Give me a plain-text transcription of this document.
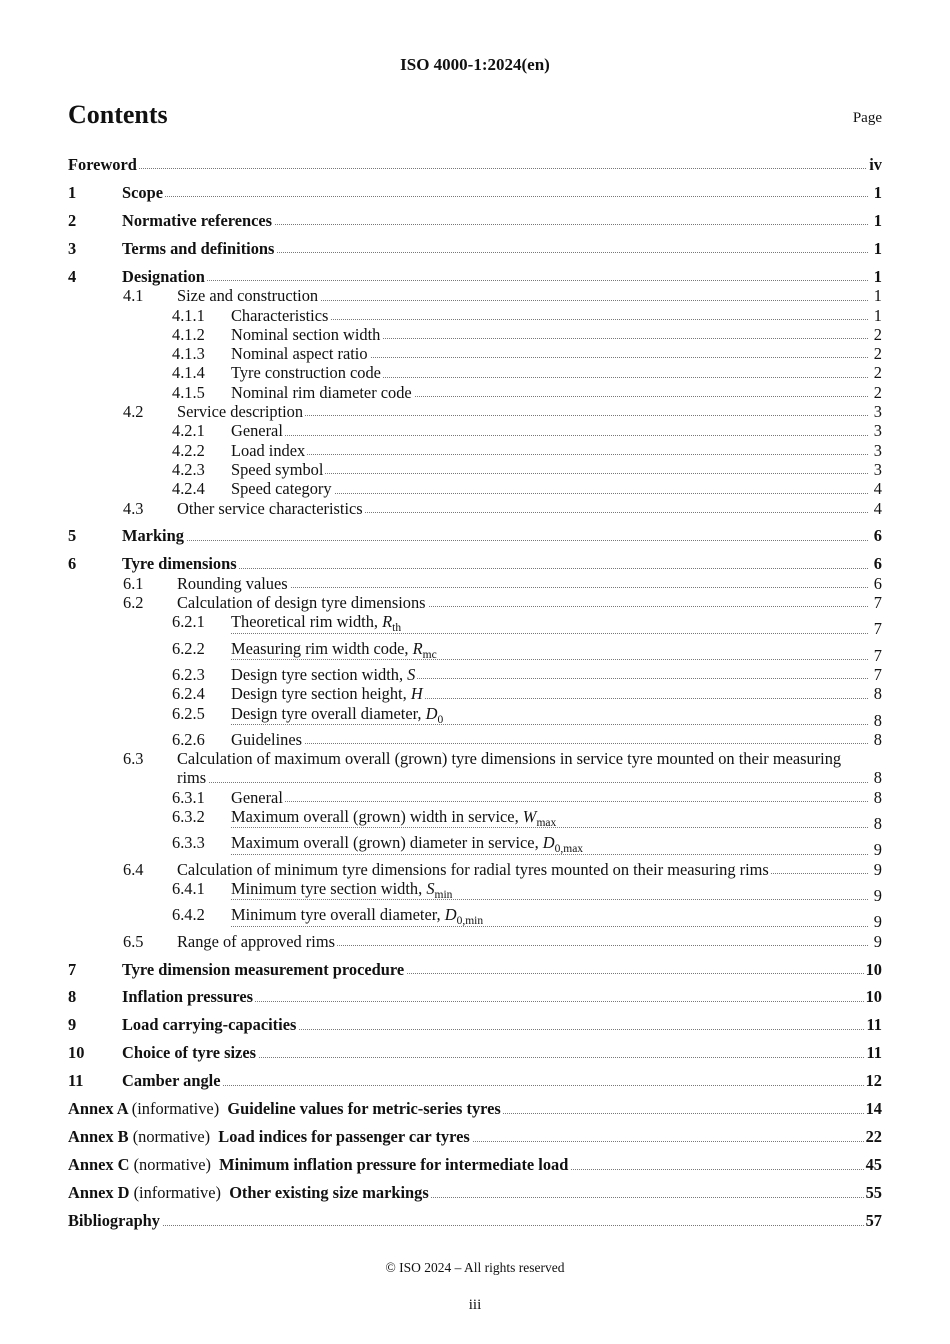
ISO 4000-1:2024(en)
Contents	Page
Foreword	iv
1	Scope	1
2	Normative references	1
3	Terms and definitions	1
4	Designation	1
4.1 Size and construction	1
4.1.1 Characteristics	1
4.1.2 Nominal section width	2
4.1.3 Nominal aspect ratio	2
4.1.4 Tyre construction code	2
4.1.5 Nominal rim diameter code	2
4.2 Service description	3
4.2.1 General	3
4.2.2 Load index	3
4.2.3 Speed symbol	3
4.2.4 Speed category	4
4.3 Other service characteristics	4
5	Marking	6
6	Tyre dimensions	6
6.1 Rounding values	6
6.2 Calculation of design tyre dimensions	7
6.2.1 Theoretical rim width, $R_{th}$	7
6.2.2 Measuring rim width code, $R_{mc}$	7
6.2.3 Design tyre section width, S	7
6.2.4 Design tyre section height, H	8
6.2.5 Design tyre overall diameter, $D_0$	8
6.2.6 Guidelines	8
6.3 Calculation of maximum overall (grown) tyre dimensions in service tyre mounted on their measuring rims	8
6.3.1 General	8
6.3.2 Maximum overall (grown) width in service, $W_{max}$	8
6.3.3 Maximum overall (grown) diameter in service, $D_{0,max}$	9
6.4 Calculation of minimum tyre dimensions for radial tyres mounted on their measuring rims	9
6.4.1 Minimum tyre section width, $S_{min}$	9
6.4.2 Minimum tyre overall diameter, $D_{0,min}$	9
6.5 Range of approved rims	9
7	Tyre dimension measurement procedure	10
8	Inflation pressures	10
9	Load carrying-capacities	11
10 Choice of tyre sizes	11
11 Camber angle	12
Annex A (informative) Guideline values for metric-series tyres	14
Annex B (normative) Load indices for passenger car tyres	22
Annex C (normative) Minimum inflation pressure for intermediate load	45
Annex D (informative) Other existing size markings	55
Bibliography	57
© ISO 2024 – All rights reserved
iii
